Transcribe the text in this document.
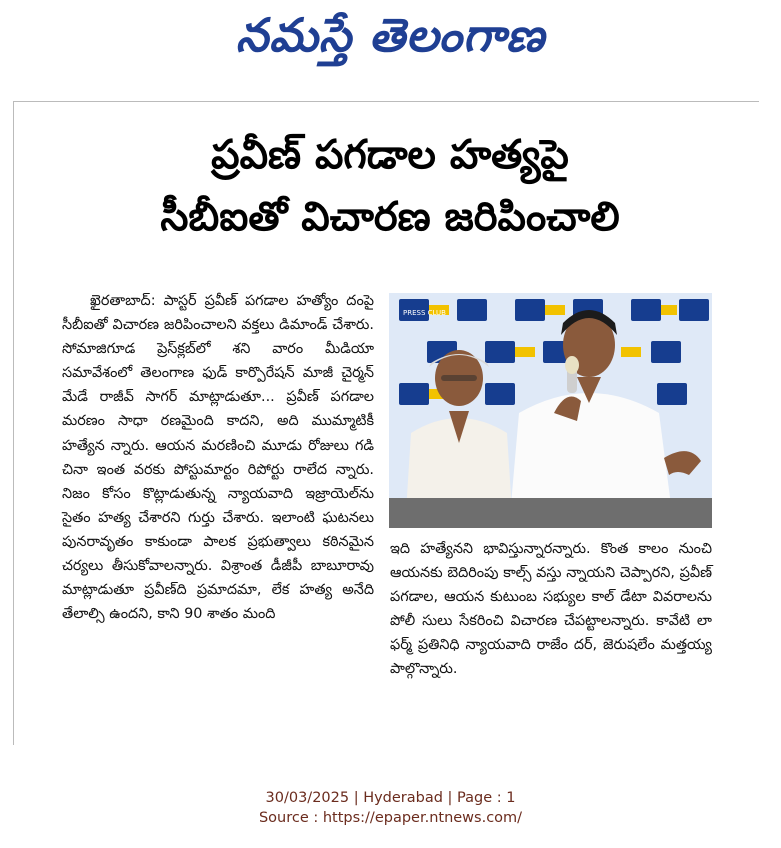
నమస్తే తెలంగాణ
ప్రవీణ్ పగడాల హత్యపై
సీబీఐతో విచారణ జరిపించాలి

ఖైరతాబాద్: పాస్టర్ ప్రవీణ్ పగడాల హత్యోం దంపై సీబీఐతో విచారణ జరిపించాలని వక్తలు డిమాండ్ చేశారు. సోమాజిగూడ ప్రెస్‌క్లబ్‌లో శని వారం మీడియా సమావేశంలో తెలంగాణ ఫుడ్ కార్పొరేషన్ మాజీ చైర్మన్ మేడే రాజీవ్ సాగర్ మాట్లాడుతూ... ప్రవీణ్ పగడాల మరణం సాధా రణమైంది కాదని, అది ముమ్మాటికీ హత్యేన న్నారు. ఆయన మరణించి మూడు రోజులు గడి చినా ఇంత వరకు పోస్టుమార్టం రిపోర్టు రాలేద న్నారు. నిజం కోసం కొట్లాడుతున్న న్యాయవాది ఇజ్రాయెల్‌ను సైతం హత్య చేశారని గుర్తు చేశారు. ఇలాంటి ఘటనలు పునరావృతం కాకుండా పాలక ప్రభుత్వాలు కఠినమైన చర్యలు తీసుకోవాలన్నారు. విశ్రాంత డీజీపీ బాబూరావు మాట్లాడుతూ ప్రవీణ్‌ది ప్రమాదమా, లేక హత్య అనేది తేలాల్సి ఉందని, కాని 90 శాతం మంది

PRESS CLUB

ఇది హత్యేనని భావిస్తున్నారన్నారు. కొంత కాలం నుంచి ఆయనకు బెదిరింపు కాల్స్ వస్తు న్నాయని చెప్పారని, ప్రవీణ్ పగడాల, ఆయన కుటుంబ సభ్యుల కాల్ డేటా వివరాలను పోలీ సులు సేకరించి విచారణ చేపట్టాలన్నారు. కావేటి లా ఫర్మ్ ప్రతినిధి న్యాయవాది రాజేం దర్, జెరుషలేం మత్తయ్య పాల్గొన్నారు.

30/03/2025 | Hyderabad | Page : 1
Source : https://epaper.ntnews.com/
